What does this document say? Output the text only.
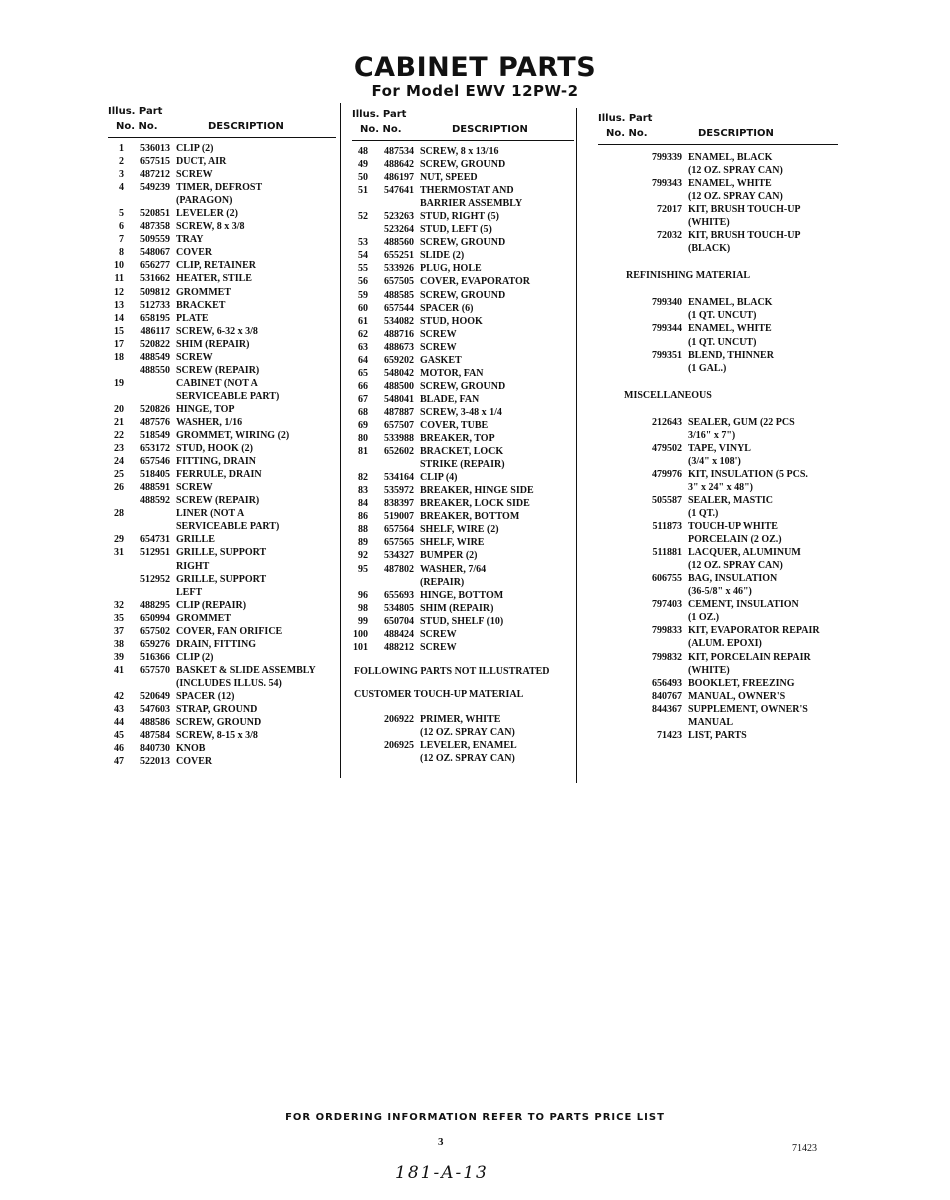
CABINET PARTS
For Model EWV 12PW-2
Illus. Part
No. No.	DESCRIPTION
1	536013 CLIP (2)
2	657515 DUCT, AIR
3	487212 SCREW
4	549239 TIMER, DEFROST
(PARAGON)
5	520851 LEVELER (2)
6	487358 SCREW, 8 x 3/8
7	509559 TRAY
8	548067 COVER
10	656277 CLIP, RETAINER
11	531662 HEATER, STILE
12	509812 GROMMET
13	512733 BRACKET
14	658195 PLATE
15	486117 SCREW, 6-32 x 3/8
17	520822 SHIM (REPAIR)
18	488549 SCREW
488550 SCREW (REPAIR)
19	CABINET (NOT A
SERVICEABLE PART)
20	520826 HINGE, TOP
21	487576 WASHER, 1/16
22	518549 GROMMET, WIRING (2)
23	653172 STUD, HOOK (2)
24	657546 FITTING, DRAIN
25	518405 FERRULE, DRAIN
26	488591 SCREW
488592 SCREW (REPAIR)
28	LINER (NOT A
SERVICEABLE PART)
29	654731 GRILLE
31	512951 GRILLE, SUPPORT
RIGHT
512952 GRILLE, SUPPORT
LEFT
32	488295 CLIP (REPAIR)
35	650994 GROMMET
37	657502 COVER, FAN ORIFICE
38	659276 DRAIN, FITTING
39	516366 CLIP (2)
41	657570 BASKET & SLIDE ASSEMBLY
(INCLUDES ILLUS. 54)
42	520649 SPACER (12)
43	547603 STRAP, GROUND
44	488586 SCREW, GROUND
45	487584 SCREW, 8-15 x 3/8
46	840730 KNOB
47	522013 COVER
Illus. Part
No. No.	DESCRIPTION
48	487534 SCREW, 8 x 13/16
49	488642 SCREW, GROUND
50	486197 NUT, SPEED
51	547641 THERMOSTAT AND
BARRIER ASSEMBLY
52	523263 STUD, RIGHT (5)
523264 STUD, LEFT (5)
53	488560 SCREW, GROUND
54	655251 SLIDE (2)
55	533926 PLUG, HOLE
56	657505 COVER, EVAPORATOR
59	488585 SCREW, GROUND
60	657544 SPACER (6)
61	534082 STUD, HOOK
62	488716 SCREW
63	488673 SCREW
64	659202 GASKET
65	548042 MOTOR, FAN
66	488500 SCREW, GROUND
67	548041 BLADE, FAN
68	487887 SCREW, 3-48 x 1/4
69	657507 COVER, TUBE
80	533988 BREAKER, TOP
81	652602 BRACKET, LOCK
STRIKE (REPAIR)
82	534164 CLIP (4)
83	535972 BREAKER, HINGE SIDE
84	838397 BREAKER, LOCK SIDE
86	519007 BREAKER, BOTTOM
88	657564 SHELF, WIRE (2)
89	657565 SHELF, WIRE
92	534327 BUMPER (2)
95	487802 WASHER, 7/64
(REPAIR)
96	655693 HINGE, BOTTOM
98	534805 SHIM (REPAIR)
99	650704 STUD, SHELF (10)
100	488424 SCREW
101	488212 SCREW
FOLLOWING PARTS NOT ILLUSTRATED
CUSTOMER TOUCH-UP MATERIAL
206922 PRIMER, WHITE
(12 OZ. SPRAY CAN)
206925 LEVELER, ENAMEL
(12 OZ. SPRAY CAN)
Illus. Part
No. No.	DESCRIPTION
799339 ENAMEL, BLACK
(12 OZ. SPRAY CAN)
799343 ENAMEL, WHITE
(12 OZ. SPRAY CAN)
72017 KIT, BRUSH TOUCH-UP
(WHITE)
72032 KIT, BRUSH TOUCH-UP
(BLACK)
REFINISHING MATERIAL
799340 ENAMEL, BLACK
(1 QT. UNCUT)
799344 ENAMEL, WHITE
(1 QT. UNCUT)
799351 BLEND, THINNER
(1 GAL.)
MISCELLANEOUS
212643 SEALER, GUM (22 PCS
3/16" x 7")
479502 TAPE, VINYL
(3/4" x 108')
479976 KIT, INSULATION (5 PCS.
3" x 24" x 48")
505587 SEALER, MASTIC
(1 QT.)
511873 TOUCH-UP WHITE
PORCELAIN (2 OZ.)
511881 LACQUER, ALUMINUM
(12 OZ. SPRAY CAN)
606755 BAG, INSULATION
(36-5/8" x 46")
797403 CEMENT, INSULATION
(1 OZ.)
799833 KIT, EVAPORATOR REPAIR
(ALUM. EPOXI)
799832 KIT, PORCELAIN REPAIR
(WHITE)
656493 BOOKLET, FREEZING
840767 MANUAL, OWNER'S
844367 SUPPLEMENT, OWNER'S
MANUAL
71423 LIST, PARTS
FOR ORDERING INFORMATION REFER TO PARTS PRICE LIST
3
71423
181-A-13
